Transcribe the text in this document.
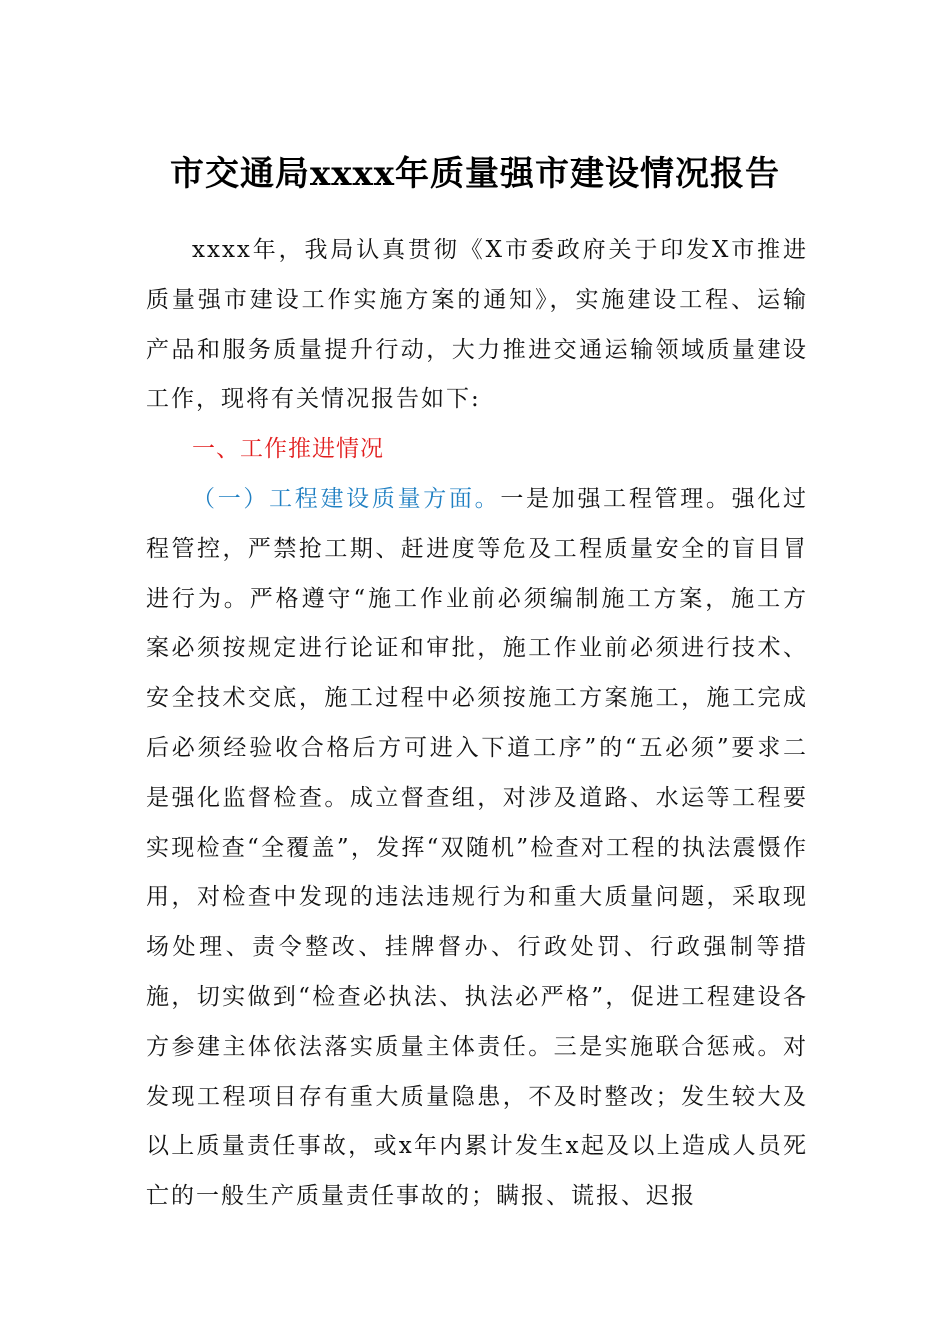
市交通局xxxx年质量强市建设情况报告

xxxx年，我局认真贯彻《X市委政府关于印发X市推进质量强市建设工作实施方案的通知》，实施建设工程、运输产品和服务质量提升行动，大力推进交通运输领域质量建设工作，现将有关情况报告如下:

一、工作推进情况

（一）工程建设质量方面。一是加强工程管理。强化过程管控，严禁抢工期、赶进度等危及工程质量安全的盲目冒进行为。严格遵守“施工作业前必须编制施工方案，施工方案必须按规定进行论证和审批，施工作业前必须进行技术、安全技术交底，施工过程中必须按施工方案施工，施工完成后必须经验收合格后方可进入下道工序”的“五必须”要求二是强化监督检查。成立督查组，对涉及道路、水运等工程要实现检查“全覆盖”，发挥“双随机”检查对工程的执法震慑作用，对检查中发现的违法违规行为和重大质量问题，采取现场处理、责令整改、挂牌督办、行政处罚、行政强制等措施，切实做到“检查必执法、执法必严格”，促进工程建设各方参建主体依法落实质量主体责任。三是实施联合惩戒。对发现工程项目存有重大质量隐患，不及时整改；发生较大及以上质量责任事故，或x年内累计发生x起及以上造成人员死亡的一般生产质量责任事故的；瞒报、谎报、迟报
